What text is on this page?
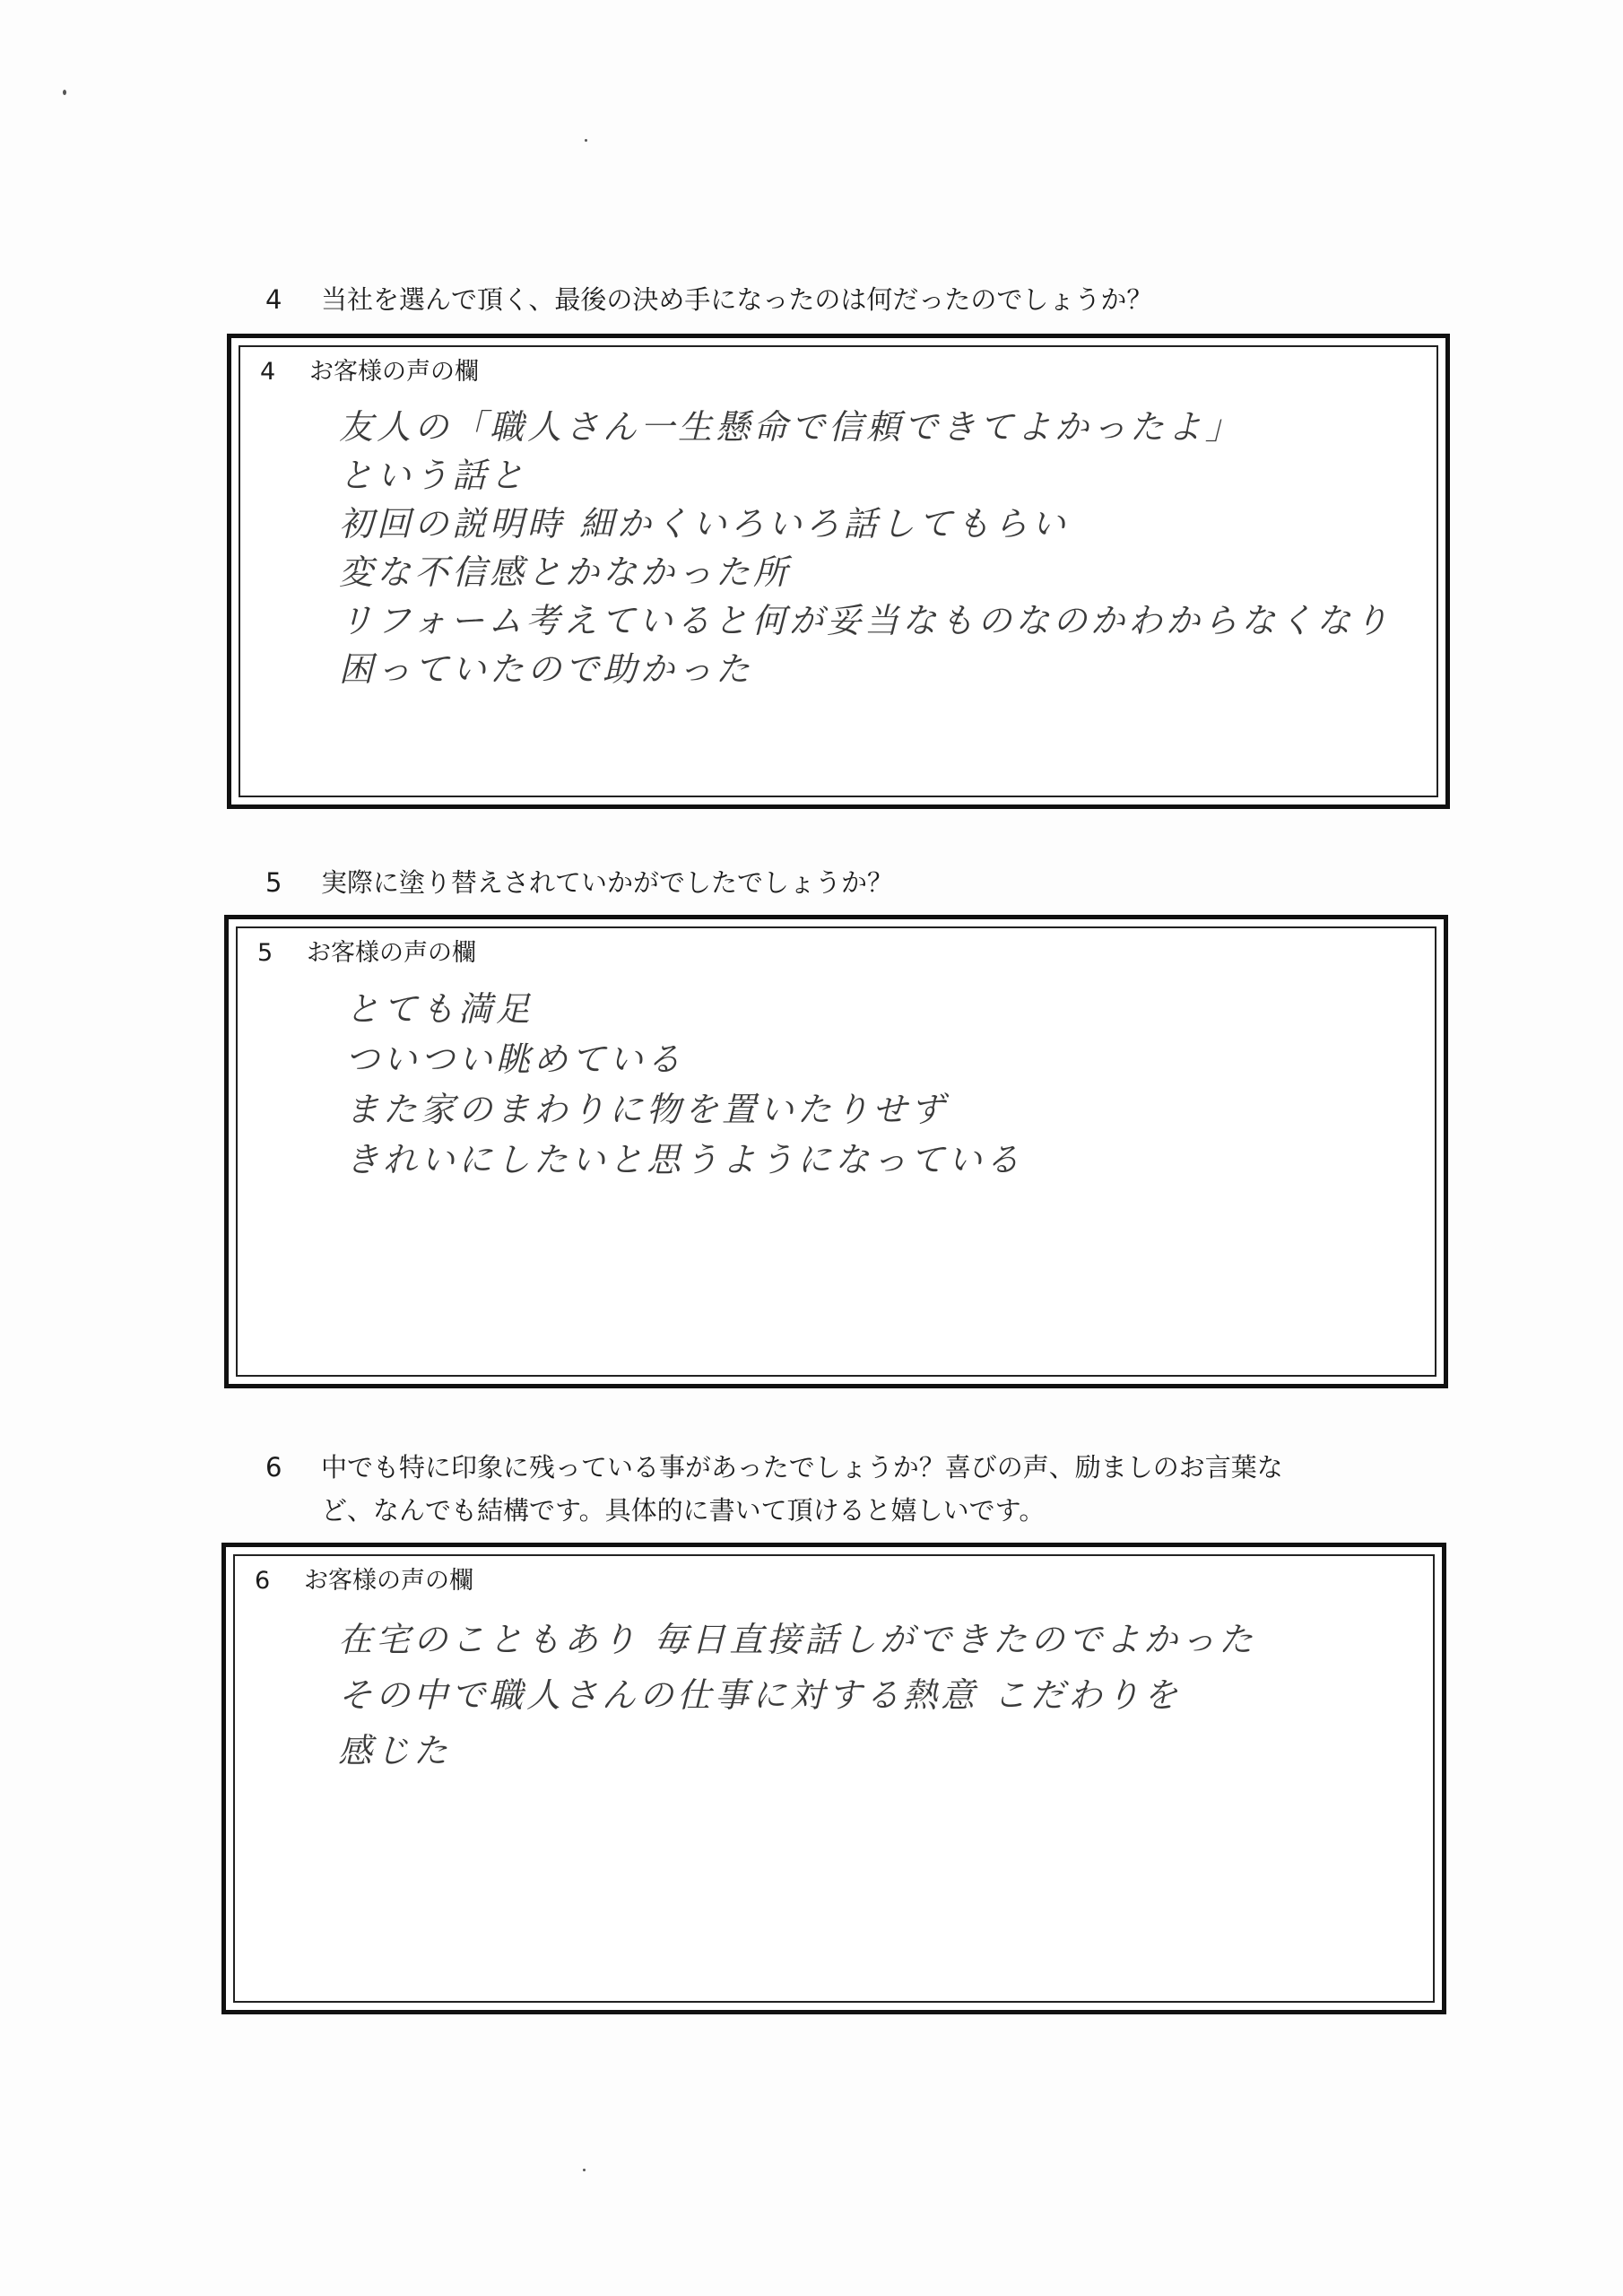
4 当社を選んで頂く、最後の決め手になったのは何だったのでしょうか？
4 お客様の声の欄
友人の「職人さん一生懸命で信頼できてよかったよ」
という話と
初回の説明時 細かくいろいろ話してもらい
変な不信感とかなかった所
リフォーム考えていると何が妥当なものなのかわからなくなり
困っていたので助かった
5 実際に塗り替えされていかがでしたでしょうか？
5 お客様の声の欄
とても満足
ついつい眺めている
また家のまわりに物を置いたりせず
きれいにしたいと思うようになっている
6 中でも特に印象に残っている事があったでしょうか？喜びの声、励ましのお言葉な
ど、なんでも結構です。具体的に書いて頂けると嬉しいです。
6 お客様の声の欄
在宅のこともあり 毎日直接話しができたのでよかった
その中で職人さんの仕事に対する熱意 こだわりを
感じた
